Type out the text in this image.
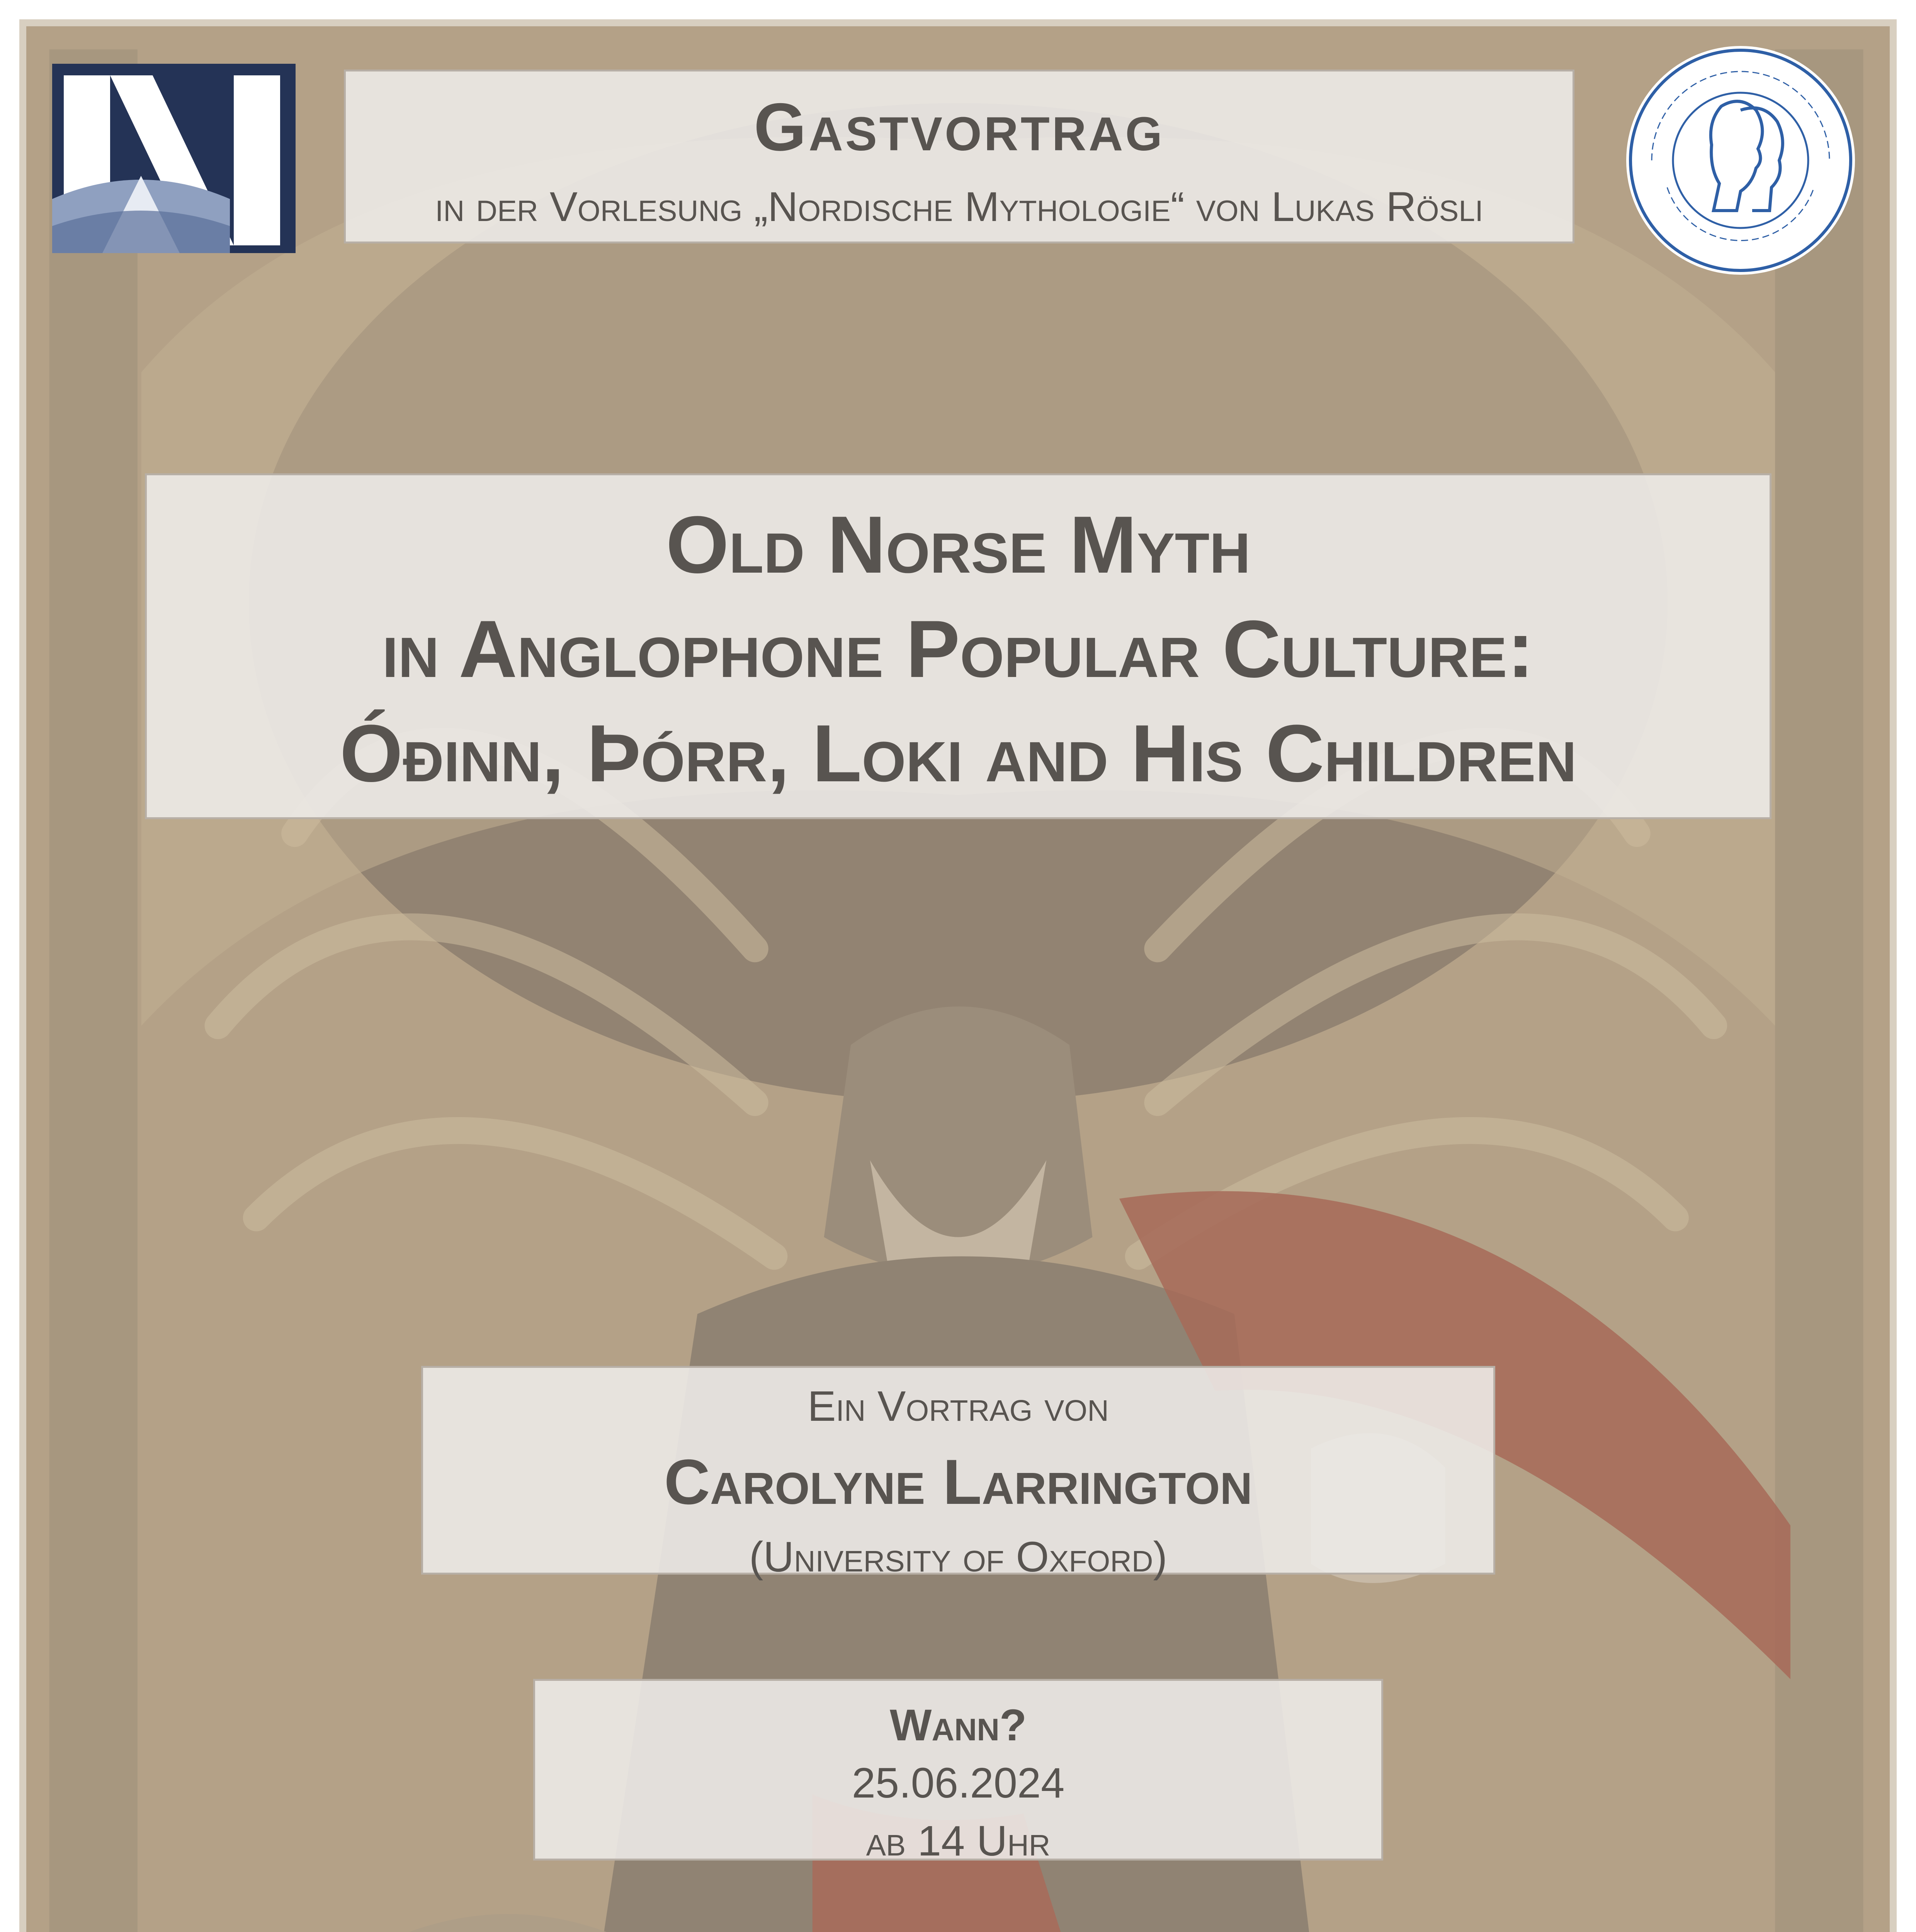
Gastvortrag
in der Vorlesung „Nordische Mythologie“ von Lukas Rösli
Old Norse Myth
in Anglophone Popular Culture:
Óðinn, Þórr, Loki and His Children
Ein Vortrag von
Carolyne Larrington
(University of Oxford)
Wann?
25.06.2024
ab 14 Uhr
